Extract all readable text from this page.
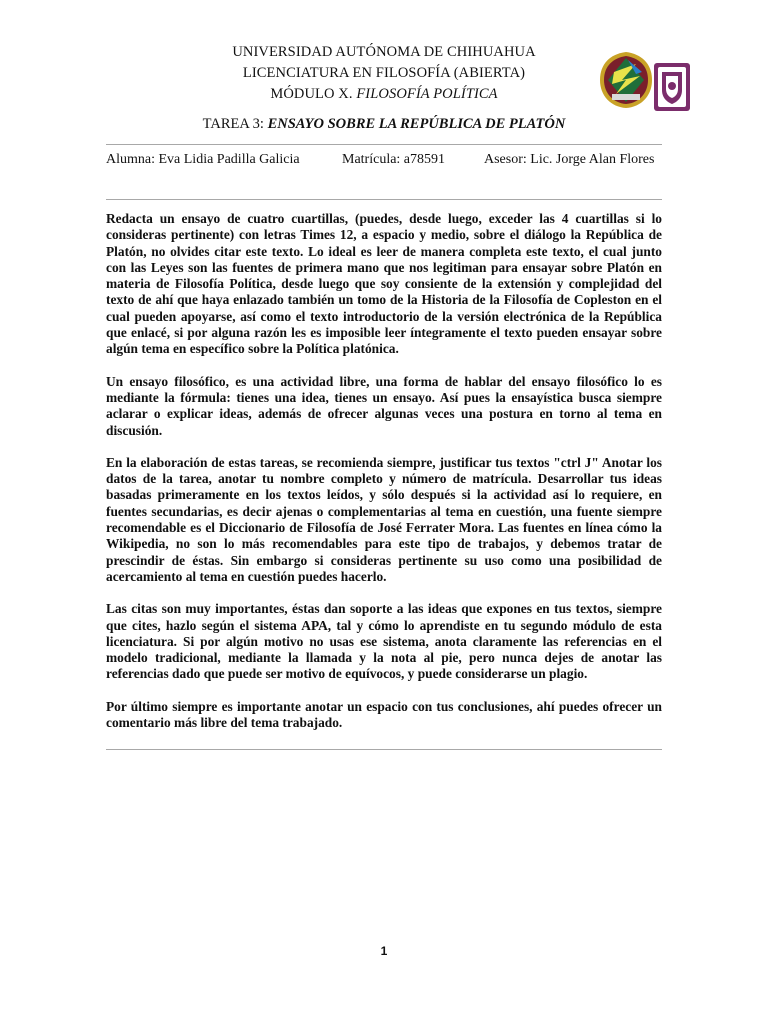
UNIVERSIDAD AUTÓNOMA DE CHIHUAHUA
LICENCIATURA EN FILOSOFÍA (ABIERTA)
MÓDULO X. FILOSOFÍA POLÍTICA
TAREA 3: ENSAYO SOBRE LA REPÚBLICA DE PLATÓN
Alumna: Eva Lidia Padilla Galicia	Matrícula: a78591	Asesor: Lic. Jorge Alan Flores

Redacta un ensayo de cuatro cuartillas, (puedes, desde luego, exceder las 4 cuartillas si lo consideras pertinente) con letras Times 12, a espacio y medio, sobre el diálogo la República de Platón, no olvides citar este texto. Lo ideal es leer de manera completa este texto, el cual junto con las Leyes son las fuentes de primera mano que nos legitiman para ensayar sobre Platón en materia de Filosofía Política, desde luego que soy consiente de la extensión y complejidad del texto de ahí que haya enlazado también un tomo de la Historia de la Filosofía de Copleston en el cual pueden apoyarse, así como el texto introductorio de la versión electrónica de la República que enlacé, si por alguna razón les es imposible leer íntegramente el texto pueden ensayar sobre algún tema en específico sobre la Política platónica.

Un ensayo filosófico, es una actividad libre, una forma de hablar del ensayo filosófico lo es mediante la fórmula: tienes una idea, tienes un ensayo. Así pues la ensayística busca siempre aclarar o explicar ideas, además de ofrecer algunas veces una postura en torno al tema en discusión.

En la elaboración de estas tareas, se recomienda siempre, justificar tus textos "ctrl J" Anotar los datos de la tarea, anotar tu nombre completo y número de matrícula. Desarrollar tus ideas basadas primeramente en los textos leídos, y sólo después si la actividad así lo requiere, en fuentes secundarias, es decir ajenas o complementarias al tema en cuestión, una fuente siempre recomendable es el Diccionario de Filosofía de José Ferrater Mora. Las fuentes en línea cómo la Wikipedia, no son lo más recomendables para este tipo de trabajos, y debemos tratar de prescindir de éstas. Sin embargo si consideras pertinente su uso como una posibilidad de acercamiento al tema en cuestión puedes hacerlo.

Las citas son muy importantes, éstas dan soporte a las ideas que expones en tus textos, siempre que cites, hazlo según el sistema APA, tal y cómo lo aprendiste en tu segundo módulo de esta licenciatura. Si por algún motivo no usas ese sistema, anota claramente las referencias en el modelo tradicional, mediante la llamada y la nota al pie, pero nunca dejes de anotar las referencias dado que puede ser motivo de equívocos, y puede considerarse un plagio.

Por último siempre es importante anotar un espacio con tus conclusiones, ahí puedes ofrecer un comentario más libre del tema trabajado.

1
